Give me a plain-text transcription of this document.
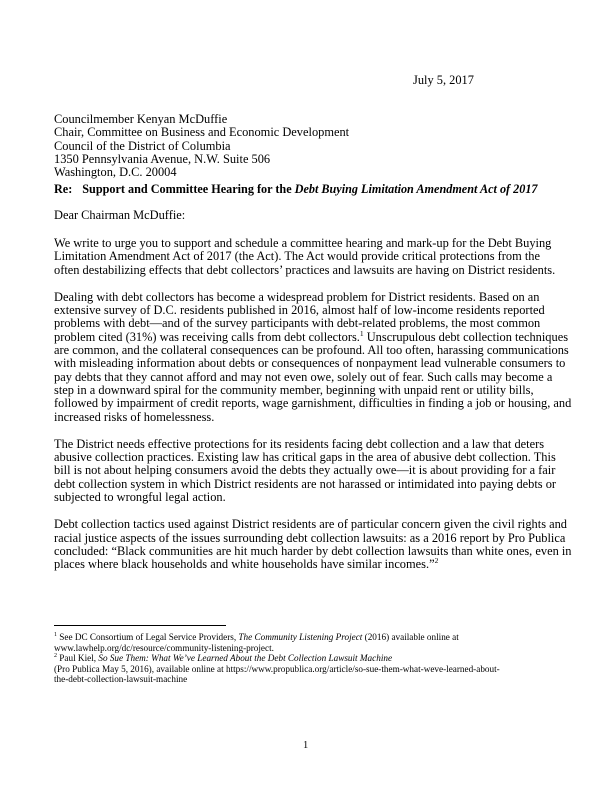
July 5, 2017
Councilmember Kenyan McDuffie
Chair, Committee on Business and Economic Development
Council of the District of Columbia
1350 Pennsylvania Avenue, N.W. Suite 506
Washington, D.C. 20004
Re: Support and Committee Hearing for the Debt Buying Limitation Amendment Act of 2017
Dear Chairman McDuffie:

We write to urge you to support and schedule a committee hearing and mark-up for the Debt Buying
Limitation Amendment Act of 2017 (the Act). The Act would provide critical protections from the
often destabilizing effects that debt collectors’ practices and lawsuits are having on District residents.

Dealing with debt collectors has become a widespread problem for District residents. Based on an
extensive survey of D.C. residents published in 2016, almost half of low-income residents reported
problems with debt—and of the survey participants with debt-related problems, the most common
problem cited (31%) was receiving calls from debt collectors.$^1$ Unscrupulous debt collection techniques
are common, and the collateral consequences can be profound. All too often, harassing communications
with misleading information about debts or consequences of nonpayment lead vulnerable consumers to
pay debts that they cannot afford and may not even owe, solely out of fear. Such calls may become a
step in a downward spiral for the community member, beginning with unpaid rent or utility bills,
followed by impairment of credit reports, wage garnishment, difficulties in finding a job or housing, and
increased risks of homelessness.

The District needs effective protections for its residents facing debt collection and a law that deters
abusive collection practices. Existing law has critical gaps in the area of abusive debt collection. This
bill is not about helping consumers avoid the debts they actually owe—it is about providing for a fair
debt collection system in which District residents are not harassed or intimidated into paying debts or
subjected to wrongful legal action.

Debt collection tactics used against District residents are of particular concern given the civil rights and
racial justice aspects of the issues surrounding debt collection lawsuits: as a 2016 report by Pro Publica
concluded: “Black communities are hit much harder by debt collection lawsuits than white ones, even in
places where black households and white households have similar incomes.”$^2$

$^1$ See DC Consortium of Legal Service Providers, The Community Listening Project (2016) available online at
www.lawhelp.org/dc/resource/community-listening-project.
$^2$ Paul Kiel, So Sue Them: What We’ve Learned About the Debt Collection Lawsuit Machine
(Pro Publica May 5, 2016), available online at https://www.propublica.org/article/so-sue-them-what-weve-learned-about-
the-debt-collection-lawsuit-machine
1
